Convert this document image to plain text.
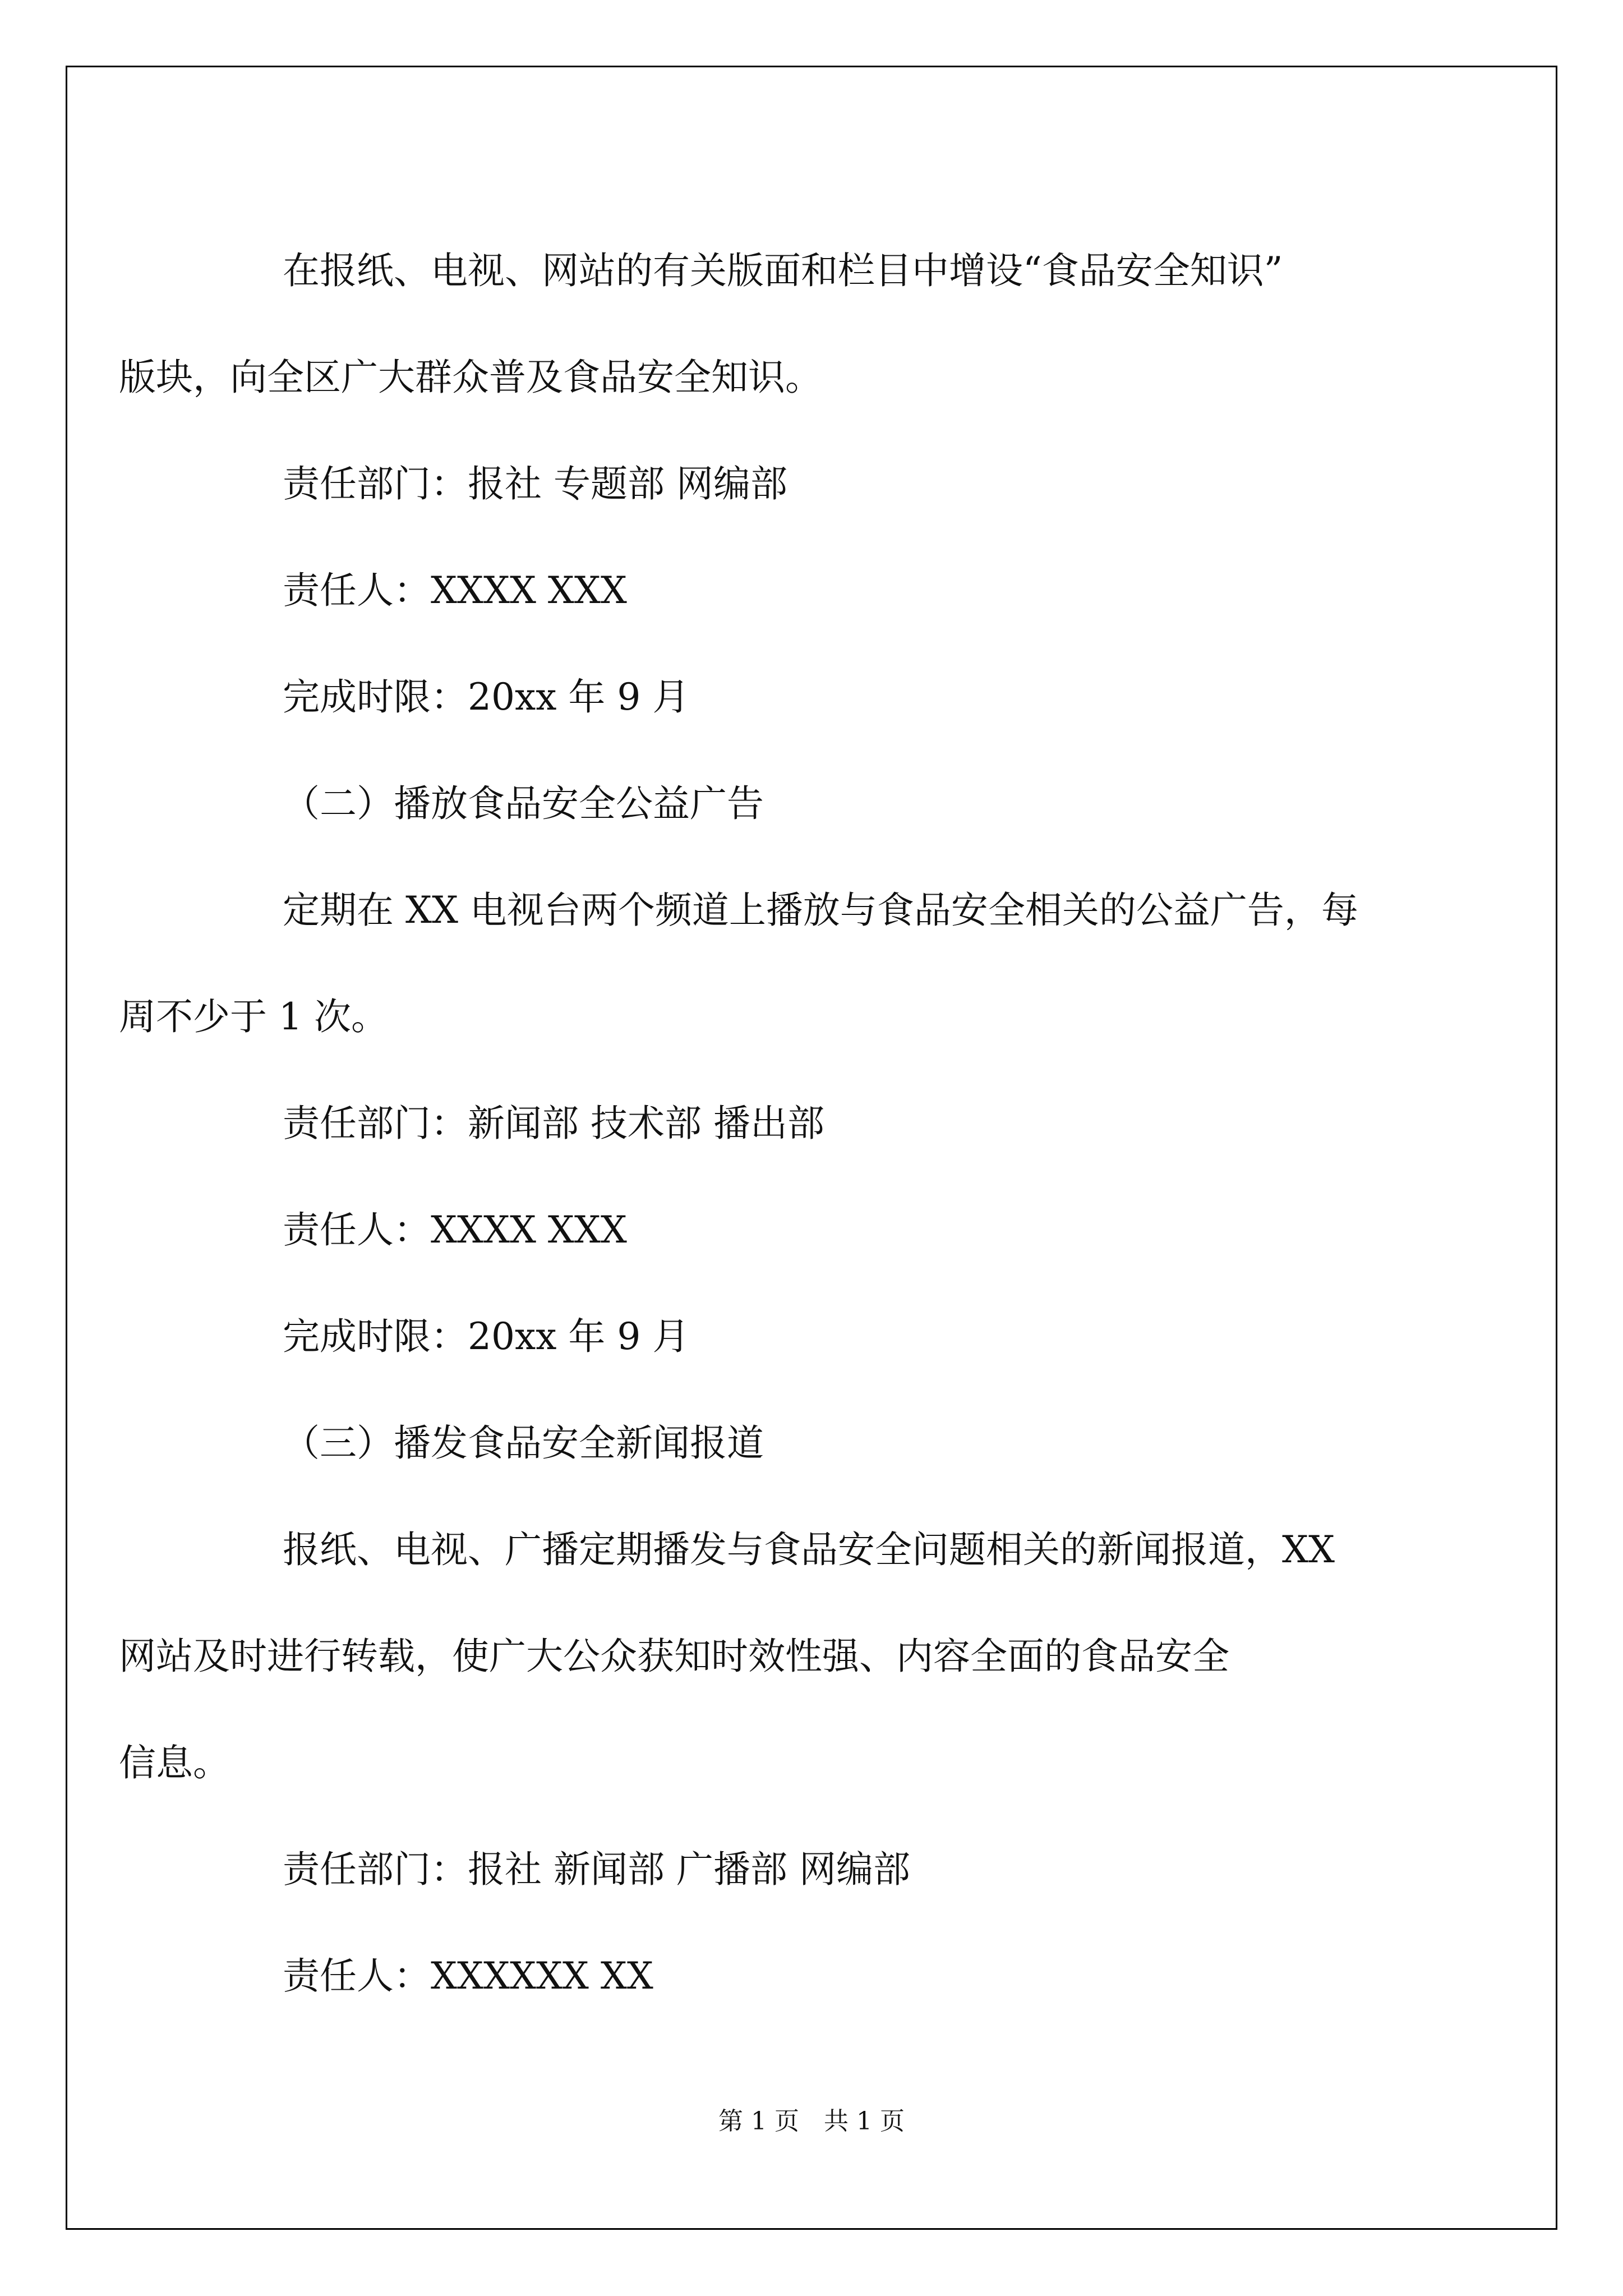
在报纸、电视、网站的有关版面和栏目中增设“食品安全知识”
版块，向全区广大群众普及食品安全知识。

责任部门：报社 专题部 网编部

责任人：XXXX XXX

完成时限：20xx 年 9 月

（二）播放食品安全公益广告

定期在 XX 电视台两个频道上播放与食品安全相关的公益广告，每
周不少于 1 次。

责任部门：新闻部 技术部 播出部

责任人：XXXX XXX

完成时限：20xx 年 9 月

（三）播发食品安全新闻报道

报纸、电视、广播定期播发与食品安全问题相关的新闻报道，XX
网站及时进行转载，使广大公众获知时效性强、内容全面的食品安全
信息。

责任部门：报社 新闻部 广播部 网编部

责任人：XXXXXX XX

第 1 页　共 1 页
